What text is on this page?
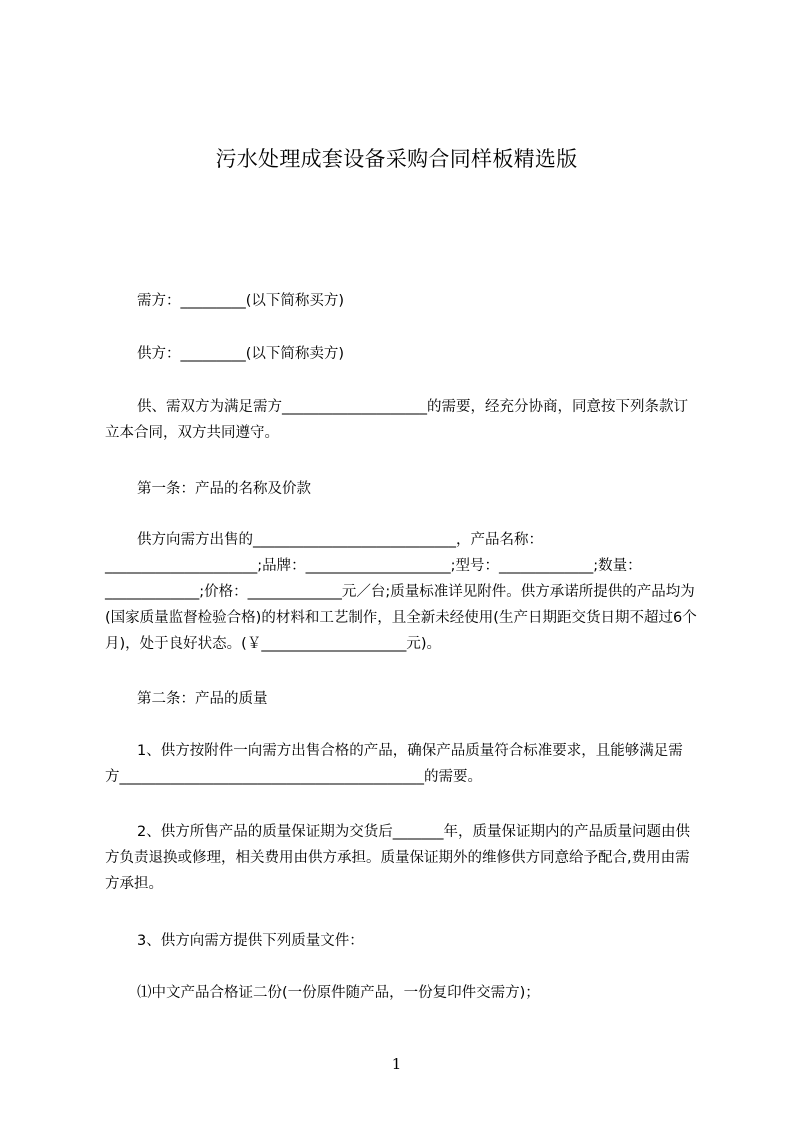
污水处理成套设备采购合同样板精选版

需方：_________(以下简称买方)

供方：_________(以下简称卖方)

供、需双方为满足需方____________________的需要，经充分协商，同意按下列条款订立本合同，双方共同遵守。

第一条：产品的名称及价款

供方向需方出售的____________________________，产品名称：_____________________;品牌：____________________;型号：_____________;数量：_____________;价格：_____________元／台;质量标准详见附件。供方承诺所提供的产品均为(国家质量监督检验合格)的材料和工艺制作，且全新未经使用(生产日期距交货日期不超过6个月)，处于良好状态。(￥____________________元)。

第二条：产品的质量

1、供方按附件一向需方出售合格的产品，确保产品质量符合标准要求，且能够满足需方__________________________________________的需要。

2、供方所售产品的质量保证期为交货后_______年，质量保证期内的产品质量问题由供方负责退换或修理，相关费用由供方承担。质量保证期外的维修供方同意给予配合,费用由需方承担。

3、供方向需方提供下列质量文件：

⑴中文产品合格证二份(一份原件随产品，一份复印件交需方)；

1
